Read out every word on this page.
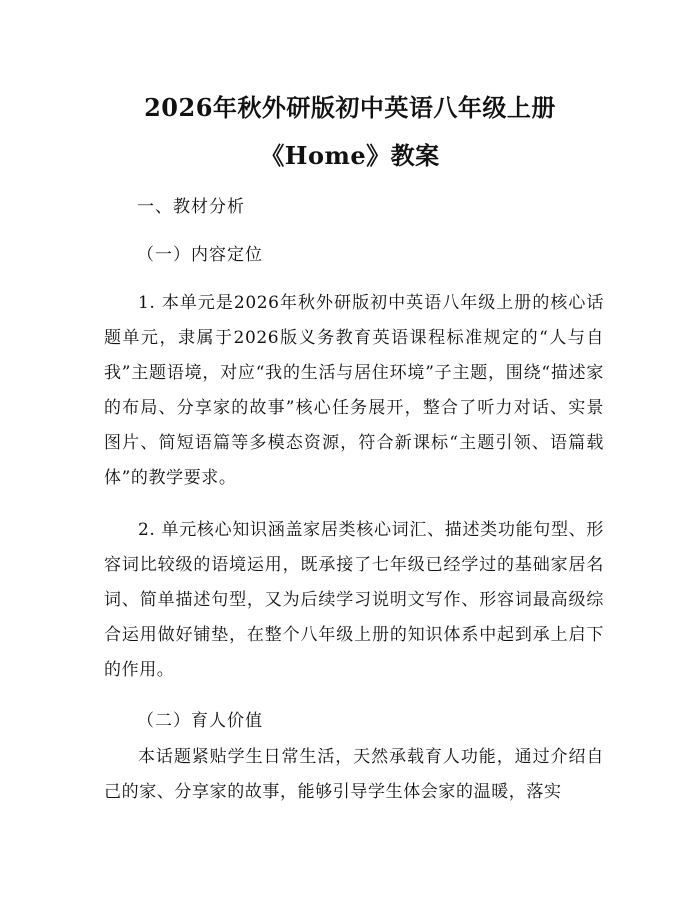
2026年秋外研版初中英语八年级上册
《Home》教案
一、教材分析
（一）内容定位
1. 本单元是2026年秋外研版初中英语八年级上册的核心话题单元，隶属于2026版义务教育英语课程标准规定的“人与自我”主题语境，对应“我的生活与居住环境”子主题，围绕“描述家的布局、分享家的故事”核心任务展开，整合了听力对话、实景图片、简短语篇等多模态资源，符合新课标“主题引领、语篇载体”的教学要求。
2. 单元核心知识涵盖家居类核心词汇、描述类功能句型、形容词比较级的语境运用，既承接了七年级已经学过的基础家居名词、简单描述句型，又为后续学习说明文写作、形容词最高级综合运用做好铺垫，在整个八年级上册的知识体系中起到承上启下的作用。
（二）育人价值
本话题紧贴学生日常生活，天然承载育人功能，通过介绍自己的家、分享家的故事，能够引导学生体会家的温暖，落实
